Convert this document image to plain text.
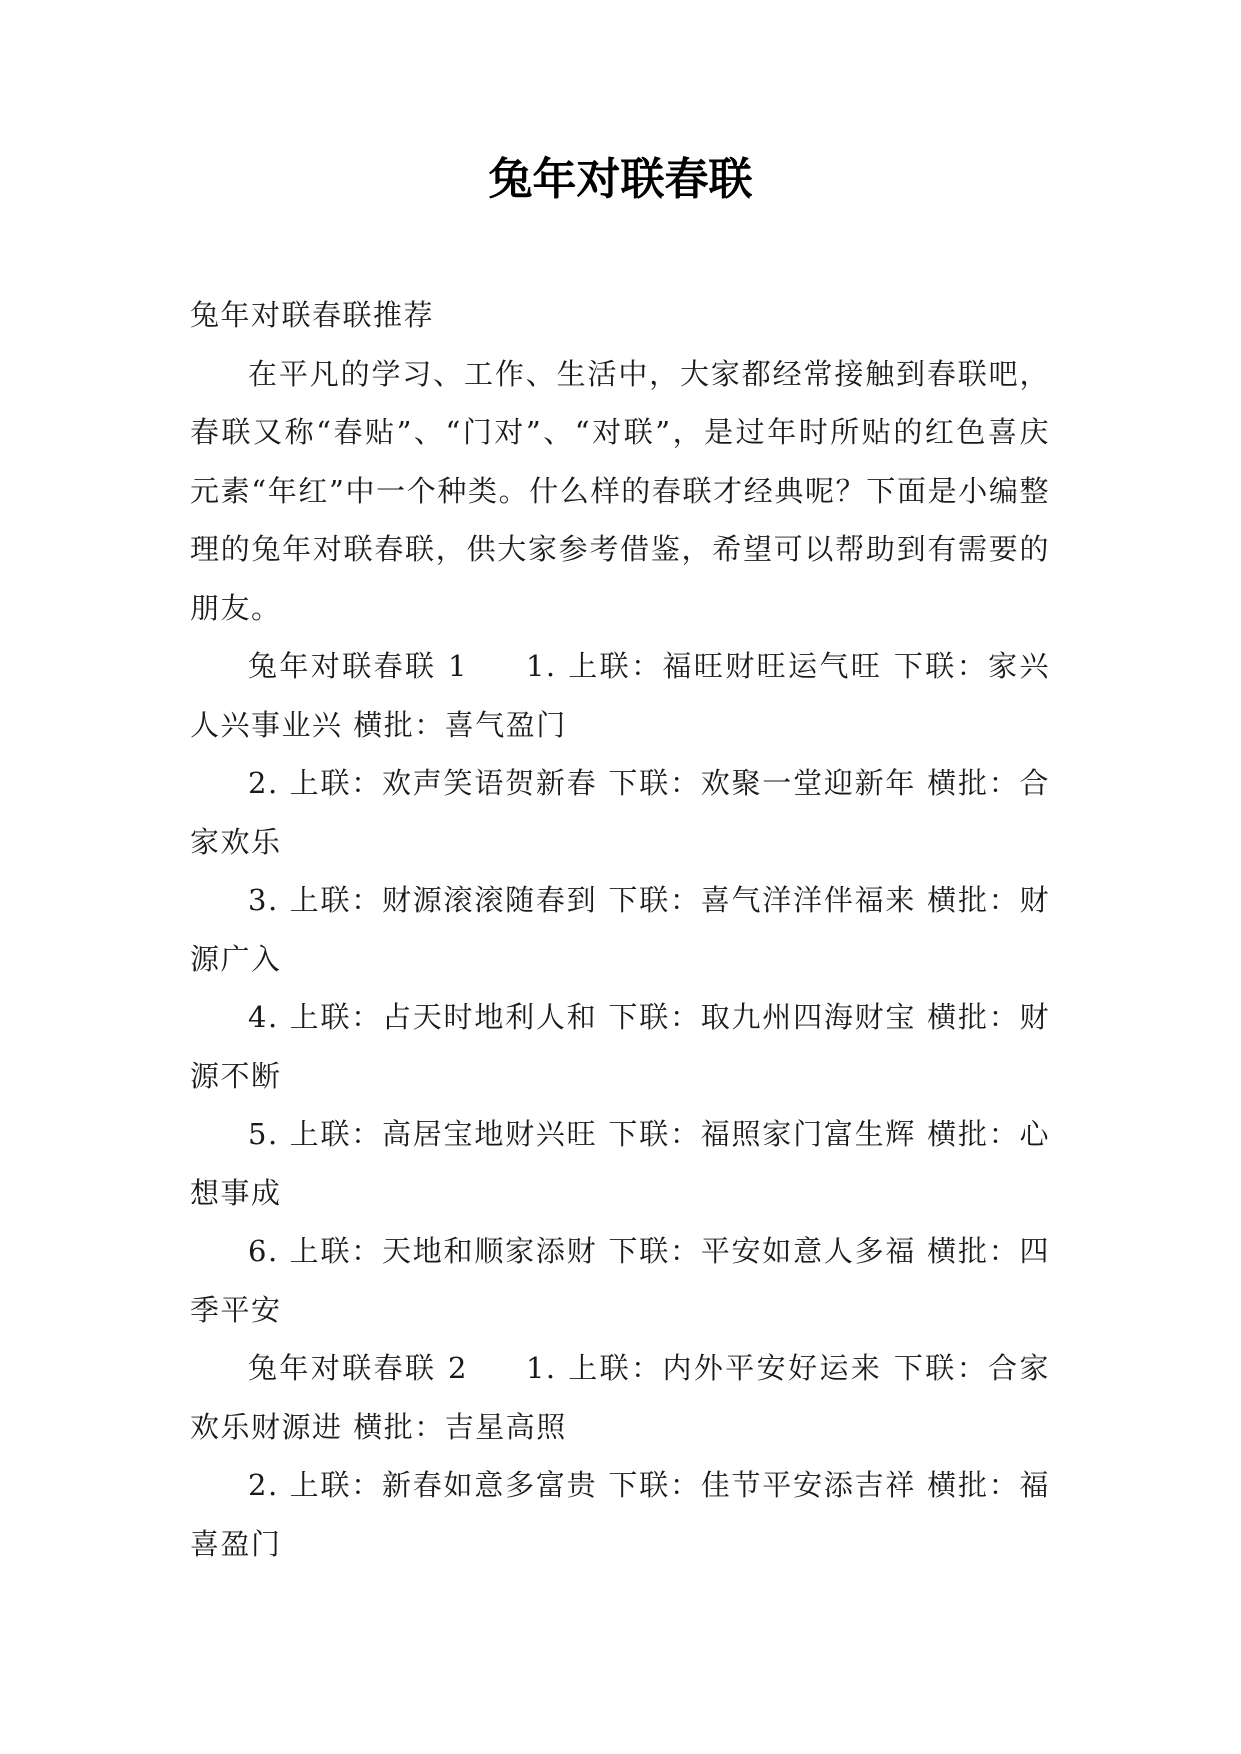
兔年对联春联

兔年对联春联推荐

在平凡的学习、工作、生活中，大家都经常接触到春联吧，春联又称“春贴”、“门对”、“对联”，是过年时所贴的红色喜庆元素“年红”中一个种类。什么样的春联才经典呢？下面是小编整理的兔年对联春联，供大家参考借鉴，希望可以帮助到有需要的朋友。

兔年对联春联 1 1. 上联：福旺财旺运气旺 下联：家兴人兴事业兴 横批：喜气盈门

2. 上联：欢声笑语贺新春 下联：欢聚一堂迎新年 横批：合家欢乐

3. 上联：财源滚滚随春到 下联：喜气洋洋伴福来 横批：财源广入

4. 上联：占天时地利人和 下联：取九州四海财宝 横批：财源不断

5. 上联：高居宝地财兴旺 下联：福照家门富生辉 横批：心想事成

6. 上联：天地和顺家添财 下联：平安如意人多福 横批：四季平安

兔年对联春联 2 1. 上联：内外平安好运来 下联：合家欢乐财源进 横批：吉星高照

2. 上联：新春如意多富贵 下联：佳节平安添吉祥 横批：福喜盈门
